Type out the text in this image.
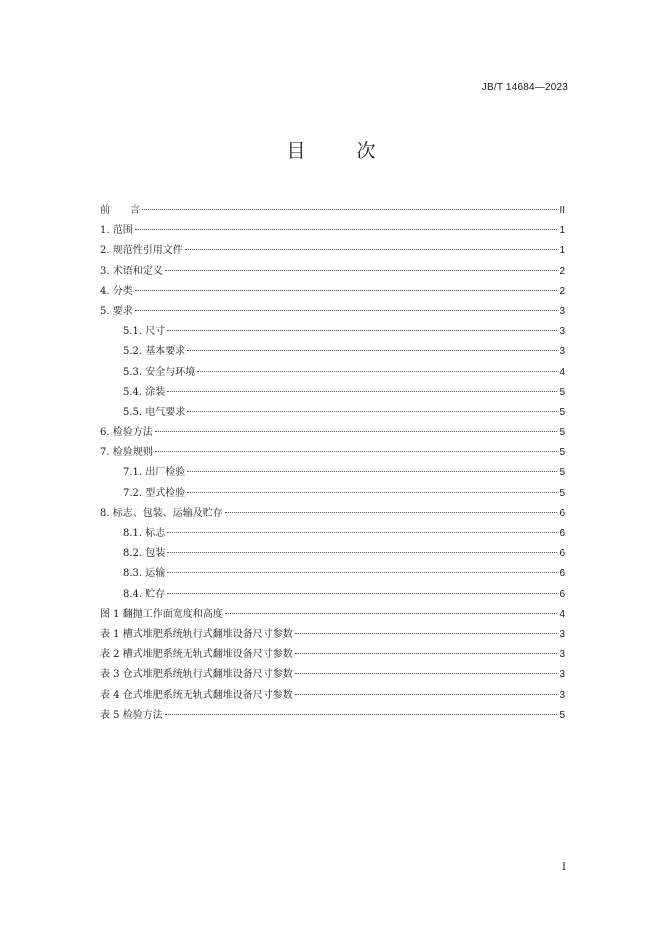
JB/T 14684—2023
目　次
前　　言	II
1. 范围	1
2. 规范性引用文件	1
3. 术语和定义	2
4. 分类	2
5. 要求	3
5.1. 尺寸	3
5.2. 基本要求	3
5.3. 安全与环境	4
5.4. 涂装	5
5.5. 电气要求	5
6. 检验方法	5
7. 检验规则	5
7.1. 出厂检验	5
7.2. 型式检验	5
8. 标志、包装、运输及贮存	6
8.1. 标志	6
8.2. 包装	6
8.3. 运输	6
8.4. 贮存	6
图 1 翻抛工作面宽度和高度	4
表 1 槽式堆肥系统轨行式翻堆设备尺寸参数	3
表 2 槽式堆肥系统无轨式翻堆设备尺寸参数	3
表 3 仓式堆肥系统轨行式翻堆设备尺寸参数	3
表 4 仓式堆肥系统无轨式翻堆设备尺寸参数	3
表 5 检验方法	5
I
